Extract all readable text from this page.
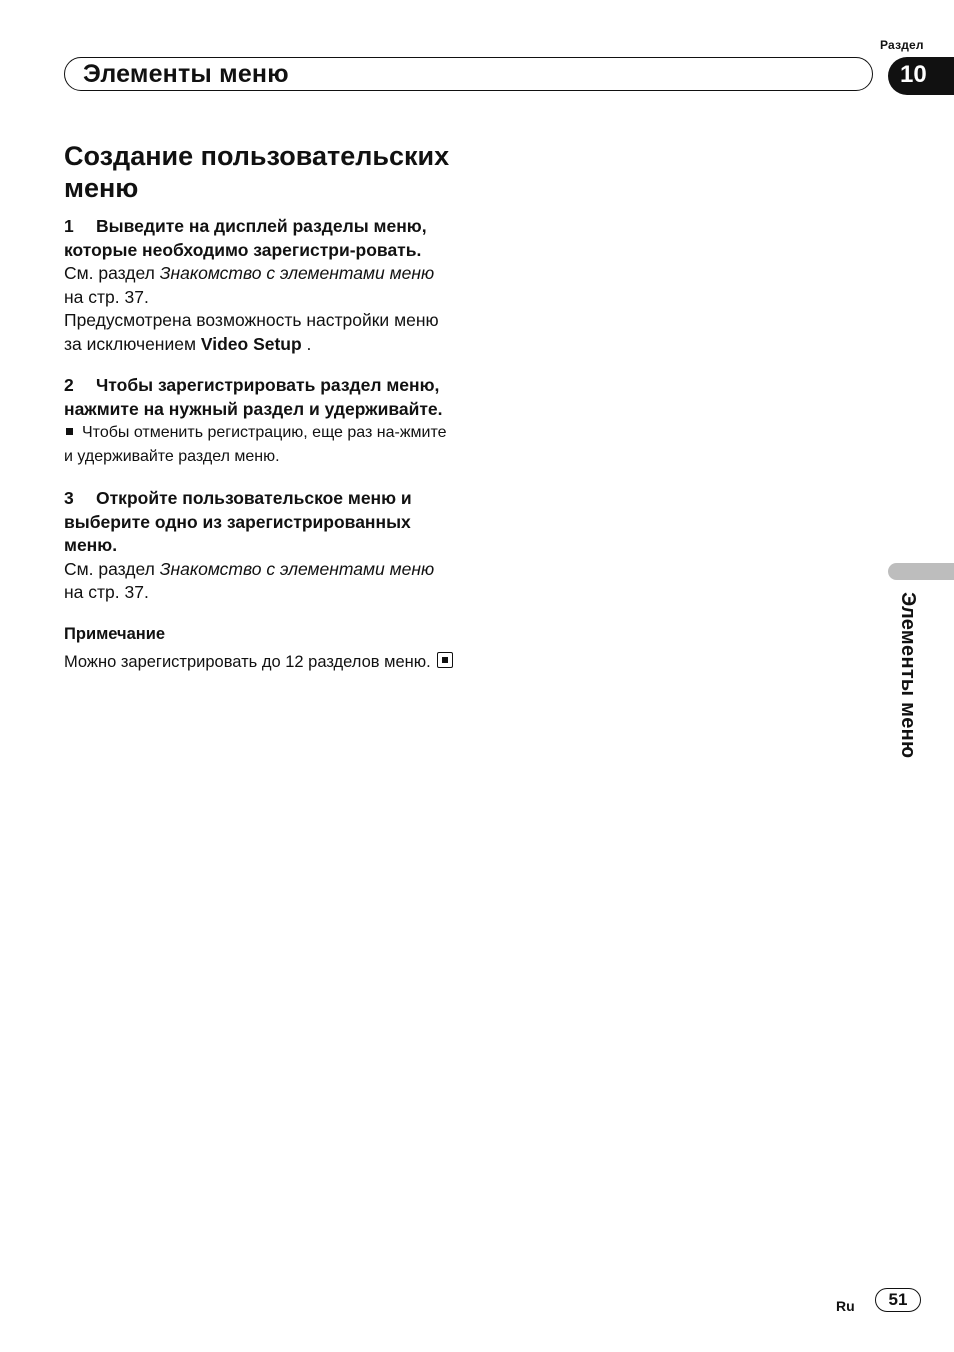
Раздел
Элементы меню	10
Создание пользовательских меню

1 Выведите на дисплей разделы меню, которые необходимо зарегистри-ровать.

См. раздел Знакомство с элементами меню на стр. 37.

Предусмотрена возможность настройки меню за исключением Video Setup .

2 Чтобы зарегистрировать раздел меню, нажмите на нужный раздел и удерживайте.

Чтобы отменить регистрацию, еще раз на-жмите и удерживайте раздел меню.

3 Откройте пользовательское меню и выберите одно из зарегистрированных меню.

См. раздел Знакомство с элементами меню на стр. 37.

Примечание

Можно зарегистрировать до 12 разделов меню.	Элементы меню
Ru	51
